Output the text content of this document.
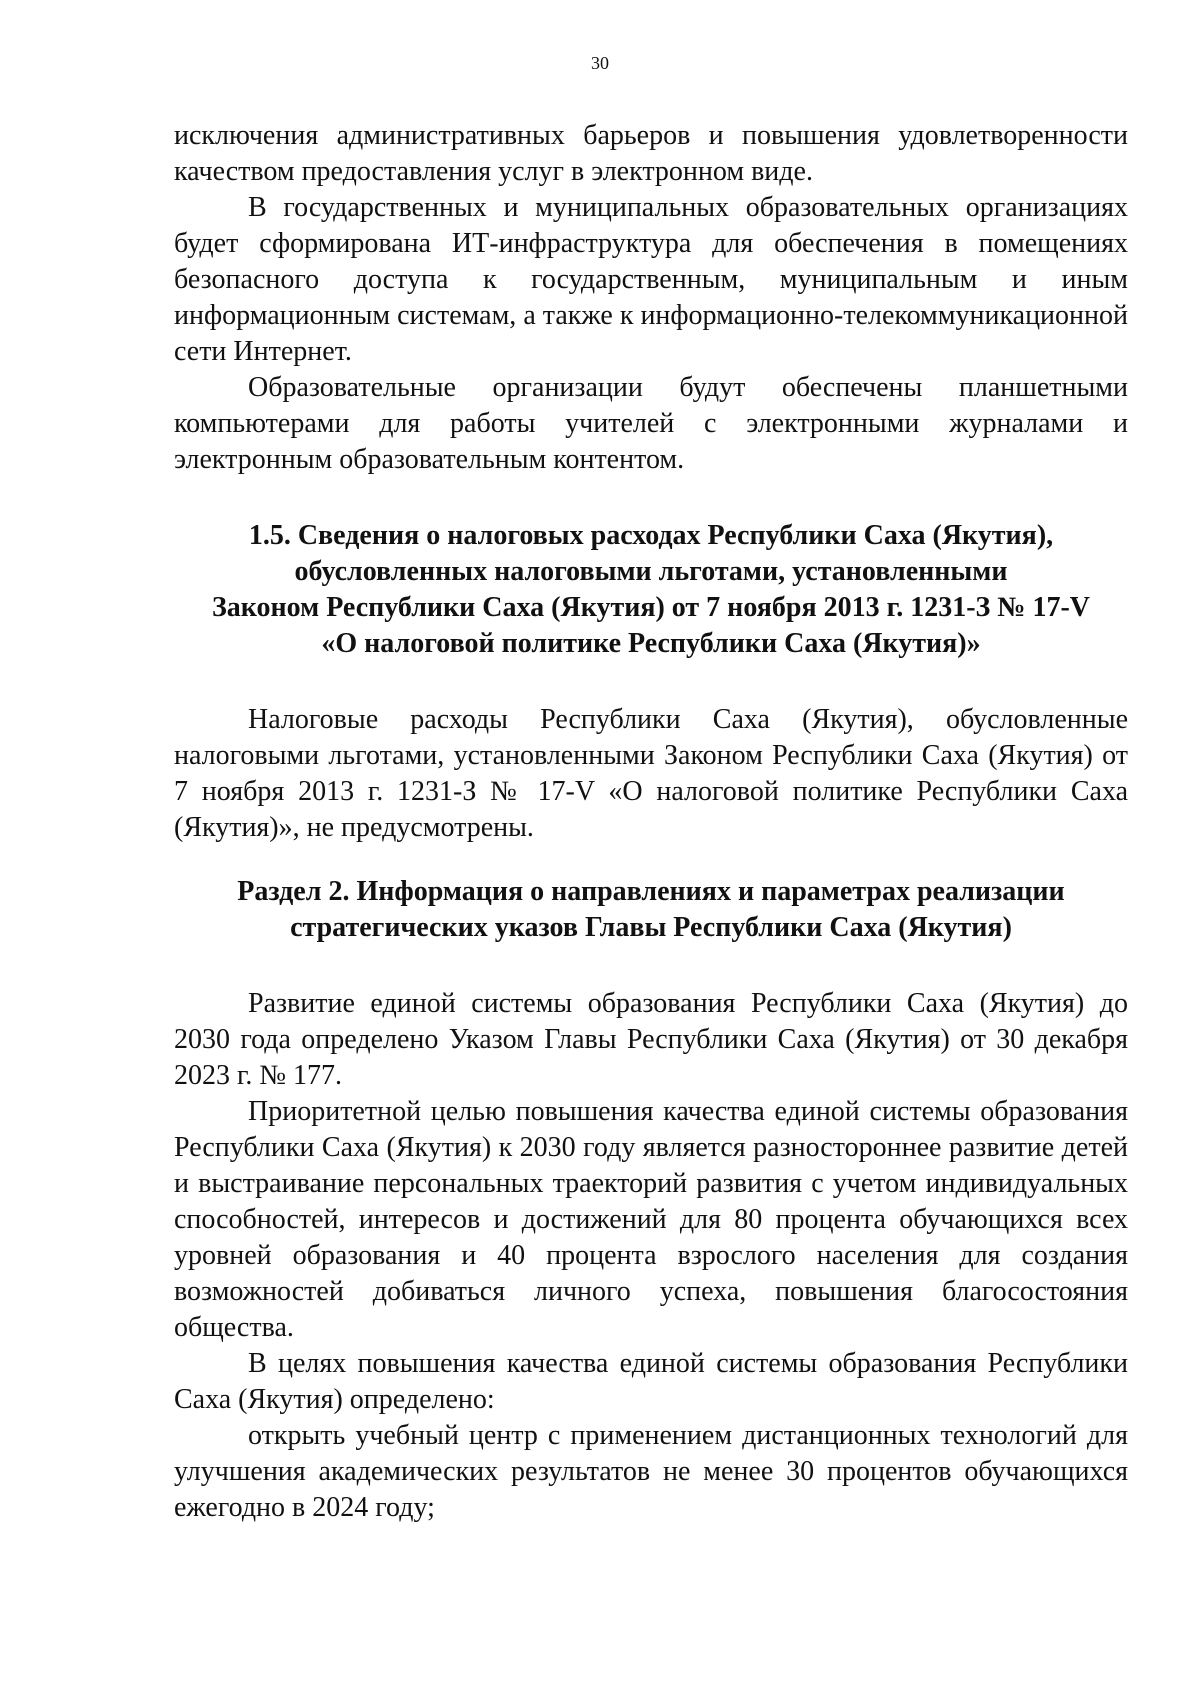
30

исключения административных барьеров и повышения удовлетворенности качеством предоставления услуг в электронном виде.

В государственных и муниципальных образовательных организациях будет сформирована ИТ-инфраструктура для обеспечения в помещениях безопасного доступа к государственным, муниципальным и иным информационным системам, а также к информационно-телекоммуникационной сети Интернет.

Образовательные организации будут обеспечены планшетными компьютерами для работы учителей с электронными журналами и электронным образовательным контентом.

1.5. Сведения о налоговых расходах Республики Саха (Якутия),
обусловленных налоговыми льготами, установленными
Законом Республики Саха (Якутия) от 7 ноября 2013 г. 1231-З № 17-V
«О налоговой политике Республики Саха (Якутия)»

Налоговые расходы Республики Саха (Якутия), обусловленные налоговыми льготами, установленными Законом Республики Саха (Якутия) от 7 ноября 2013 г. 1231-З № 17-V «О налоговой политике Республики Саха (Якутия)», не предусмотрены.

Раздел 2. Информация о направлениях и параметрах реализации
стратегических указов Главы Республики Саха (Якутия)

Развитие единой системы образования Республики Саха (Якутия) до 2030 года определено Указом Главы Республики Саха (Якутия) от 30 декабря 2023 г. № 177.

Приоритетной целью повышения качества единой системы образования Республики Саха (Якутия) к 2030 году является разностороннее развитие детей и выстраивание персональных траекторий развития с учетом индивидуальных способностей, интересов и достижений для 80 процента обучающихся всех уровней образования и 40 процента взрослого населения для создания возможностей добиваться личного успеха, повышения благосостояния общества.

В целях повышения качества единой системы образования Республики Саха (Якутия) определено:

открыть учебный центр с применением дистанционных технологий для улучшения академических результатов не менее 30 процентов обучающихся ежегодно в 2024 году;
